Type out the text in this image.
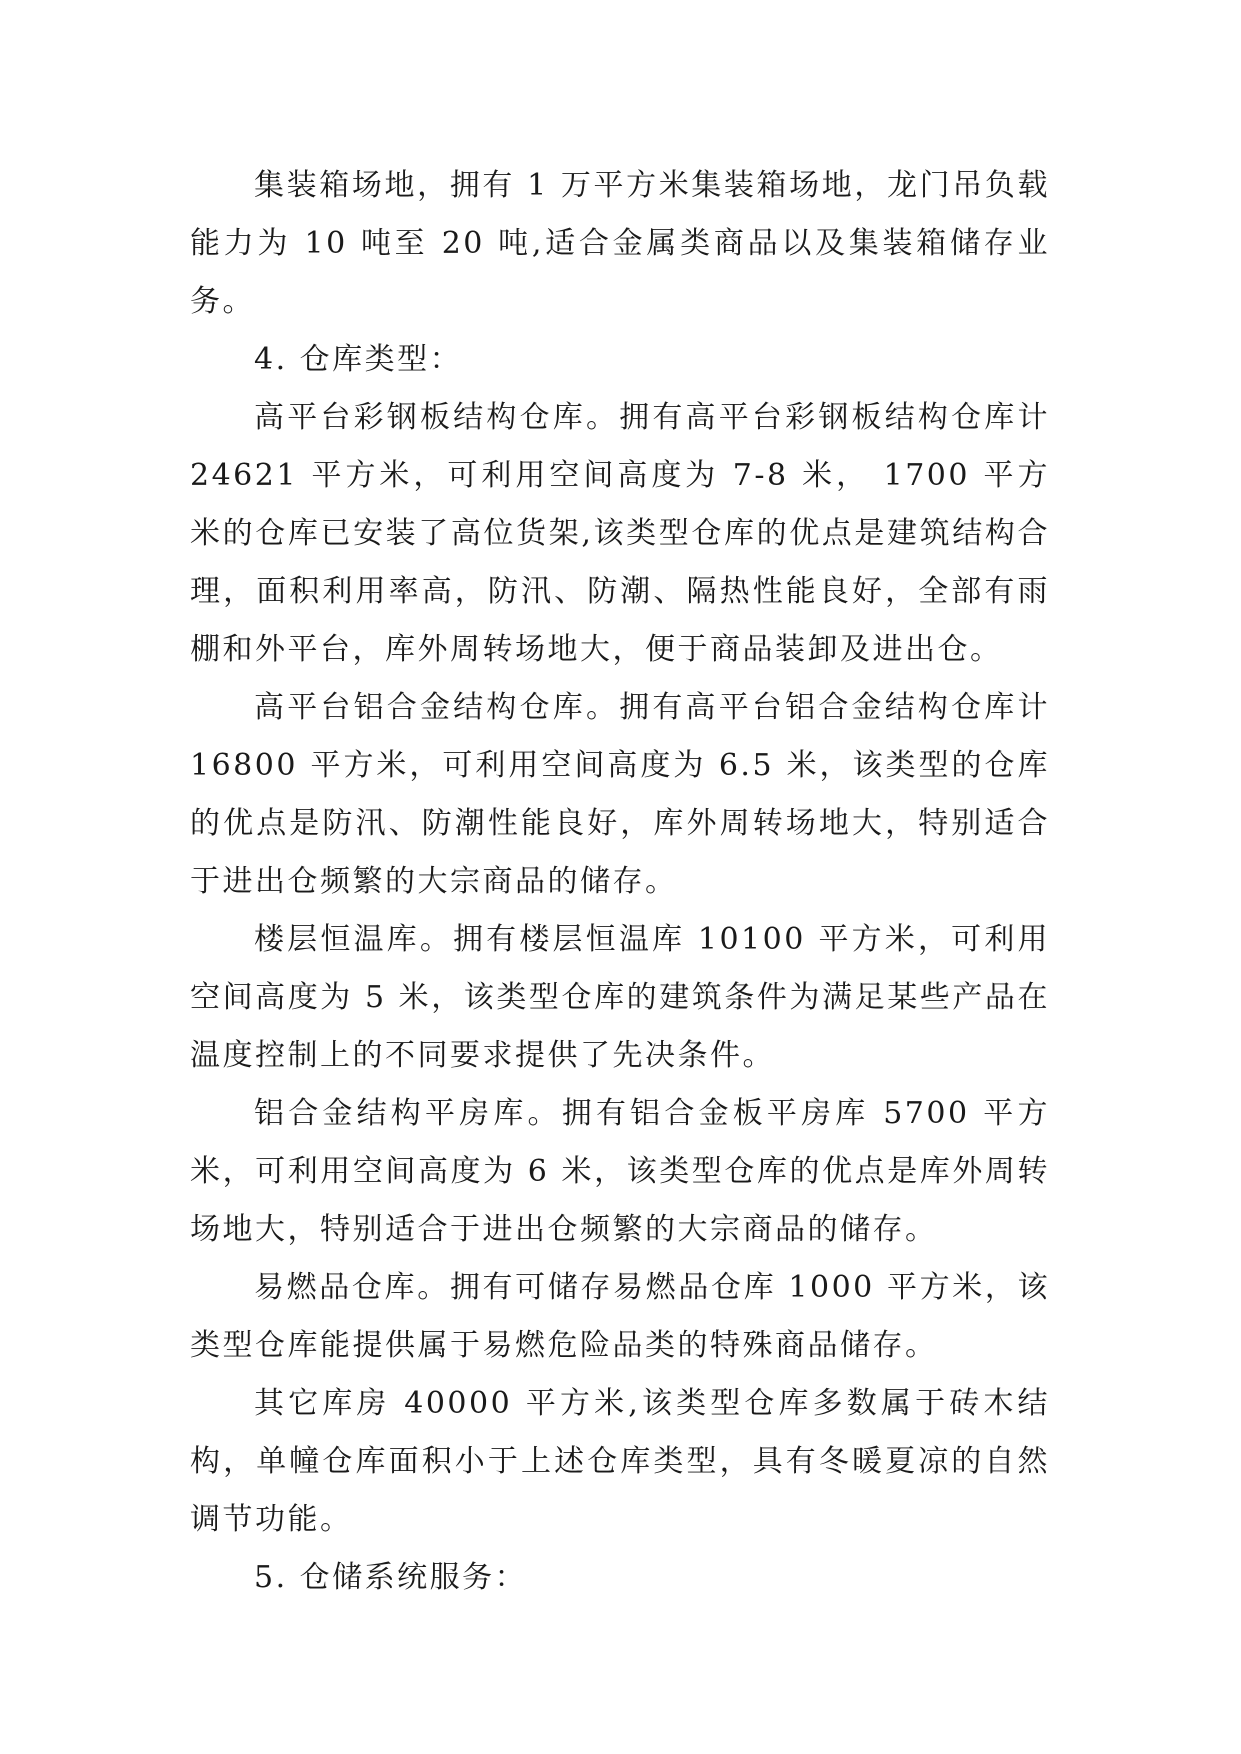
集装箱场地，拥有 1 万平方米集装箱场地，龙门吊负载能力为 10 吨至 20 吨,适合金属类商品以及集装箱储存业务。

4. 仓库类型：

高平台彩钢板结构仓库。拥有高平台彩钢板结构仓库计 24621 平方米，可利用空间高度为 7-8 米， 1700 平方米的仓库已安装了高位货架,该类型仓库的优点是建筑结构合理，面积利用率高，防汛、防潮、隔热性能良好，全部有雨棚和外平台，库外周转场地大，便于商品装卸及进出仓。

高平台铝合金结构仓库。拥有高平台铝合金结构仓库计 16800 平方米，可利用空间高度为 6.5 米，该类型的仓库的优点是防汛、防潮性能良好，库外周转场地大，特别适合于进出仓频繁的大宗商品的储存。

楼层恒温库。拥有楼层恒温库 10100 平方米，可利用空间高度为 5 米，该类型仓库的建筑条件为满足某些产品在温度控制上的不同要求提供了先决条件。

铝合金结构平房库。拥有铝合金板平房库 5700 平方米，可利用空间高度为 6 米，该类型仓库的优点是库外周转场地大，特别适合于进出仓频繁的大宗商品的储存。

易燃品仓库。拥有可储存易燃品仓库 1000 平方米，该类型仓库能提供属于易燃危险品类的特殊商品储存。

其它库房 40000 平方米,该类型仓库多数属于砖木结构，单幢仓库面积小于上述仓库类型，具有冬暖夏凉的自然调节功能。

5. 仓储系统服务：
